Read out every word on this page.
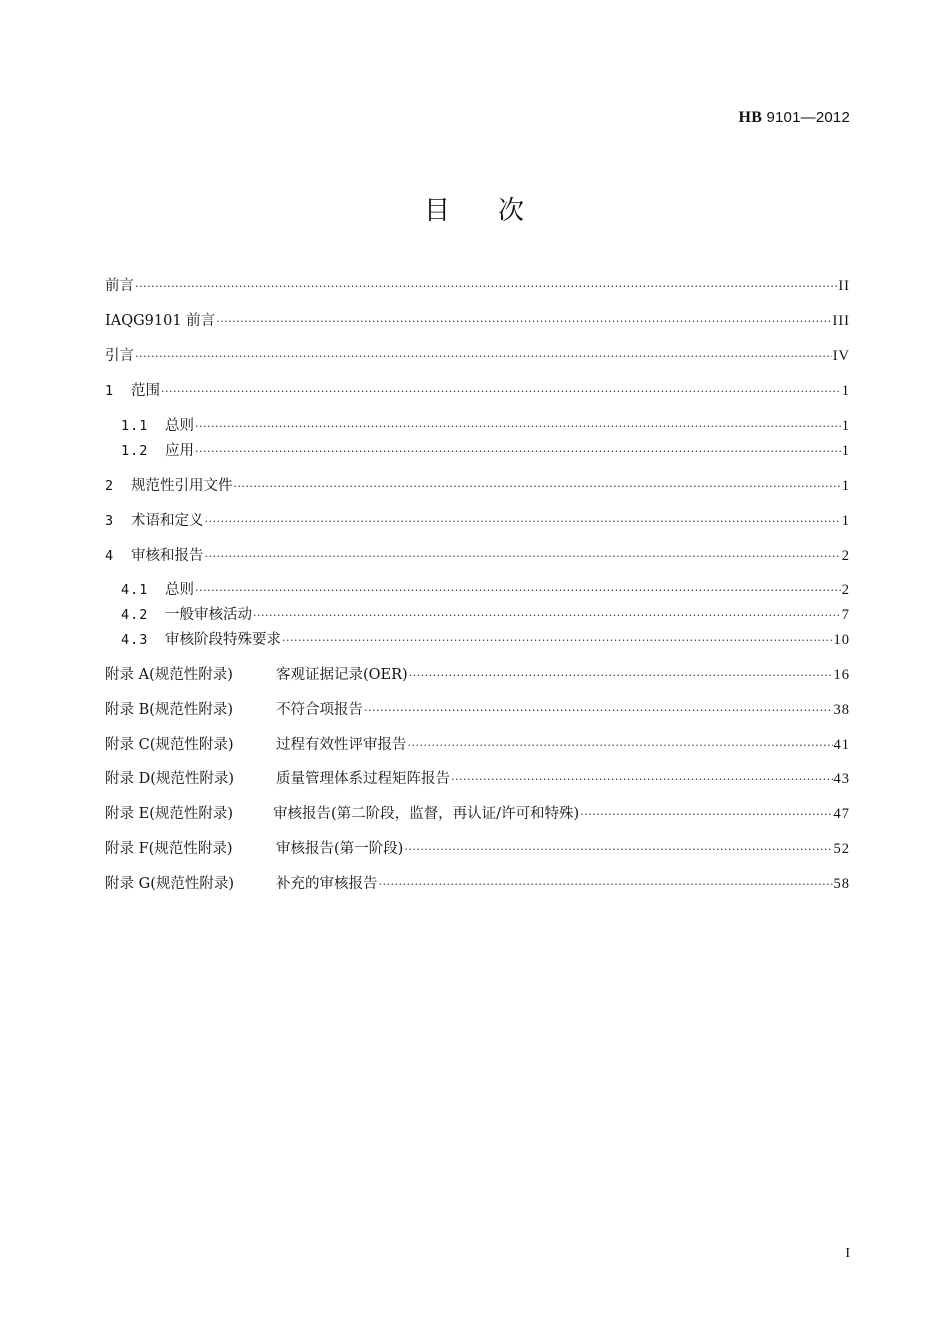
HB 9101—2012
目 次
前言 ·····	II
IAQG9101 前言 ·····	III
引言 ·····	IV
1	范围 ·····	1
1.1	总则 ·····	1
1.2	应用 ·····	1
2	规范性引用文件 ·····	1
3	术语和定义 ·····	1
4	审核和报告 ·····	2
4.1	总则 ·····	2
4.2	一般审核活动 ·····	7
4.3	审核阶段特殊要求 ·····	10
附录 A(规范性附录)	客观证据记录(OER) ·····	16
附录 B(规范性附录)	不符合项报告 ·····	38
附录 C(规范性附录)	过程有效性评审报告 ·····	41
附录 D(规范性附录)	质量管理体系过程矩阵报告 ·····	43
附录 E(规范性附录)	审核报告(第二阶段，监督，再认证/许可和特殊) ·····	47
附录 F(规范性附录)	审核报告(第一阶段) ·····	52
附录 G(规范性附录)	补充的审核报告 ·····	58
I
